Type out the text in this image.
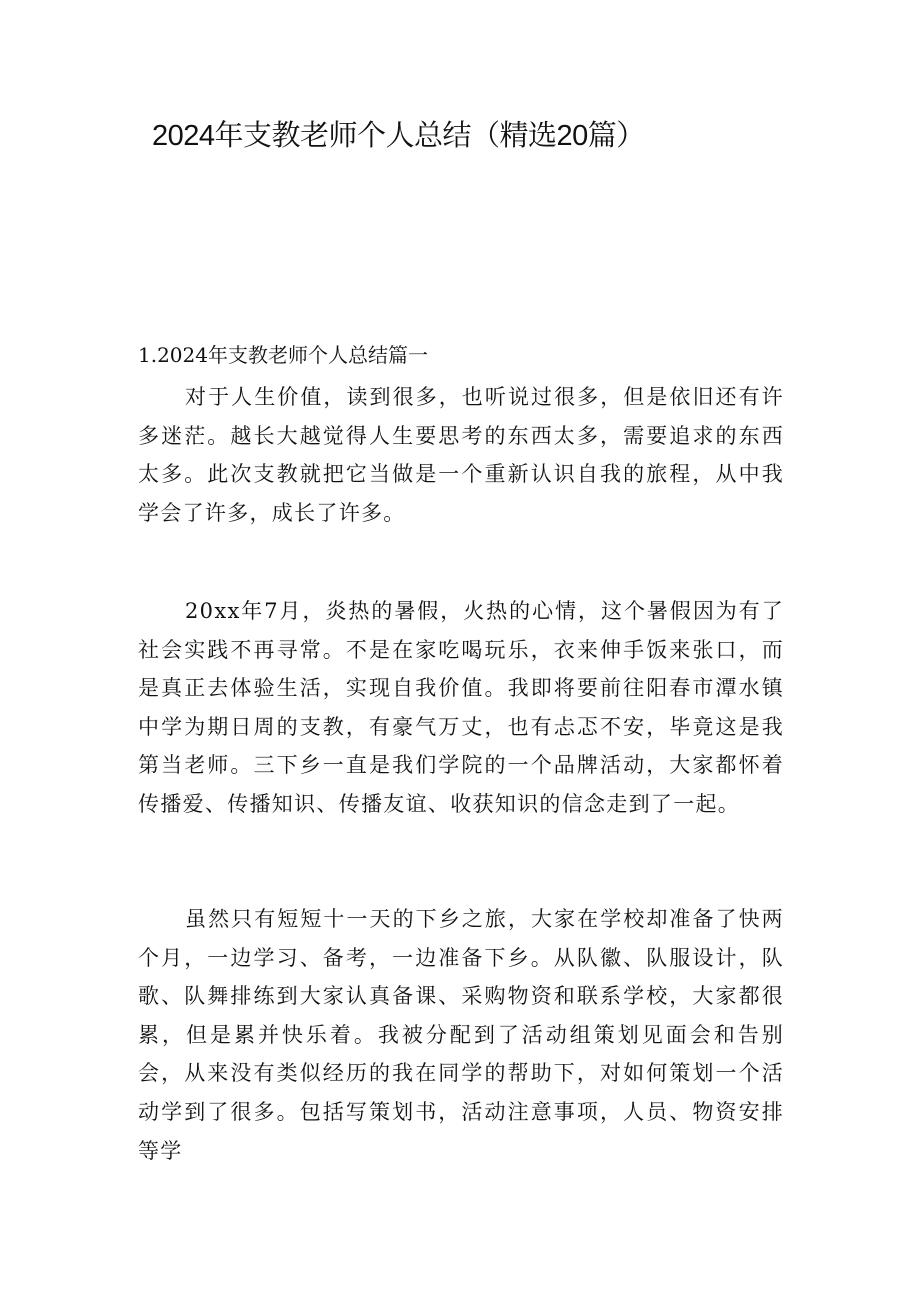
2024年支教老师个人总结（精选20篇）
1.2024年支教老师个人总结篇一

对于人生价值，读到很多，也听说过很多，但是依旧还有许多迷茫。越长大越觉得人生要思考的东西太多，需要追求的东西太多。此次支教就把它当做是一个重新认识自我的旅程，从中我学会了许多，成长了许多。

20xx年7月，炎热的暑假，火热的心情，这个暑假因为有了社会实践不再寻常。不是在家吃喝玩乐，衣来伸手饭来张口，而是真正去体验生活，实现自我价值。我即将要前往阳春市潭水镇中学为期日周的支教，有豪气万丈，也有忐忑不安，毕竟这是我第当老师。三下乡一直是我们学院的一个品牌活动，大家都怀着传播爱、传播知识、传播友谊、收获知识的信念走到了一起。

虽然只有短短十一天的下乡之旅，大家在学校却准备了快两个月，一边学习、备考，一边准备下乡。从队徽、队服设计，队歌、队舞排练到大家认真备课、采购物资和联系学校，大家都很累，但是累并快乐着。我被分配到了活动组策划见面会和告别会，从来没有类似经历的我在同学的帮助下，对如何策划一个活动学到了很多。包括写策划书，活动注意事项，人员、物资安排等学
